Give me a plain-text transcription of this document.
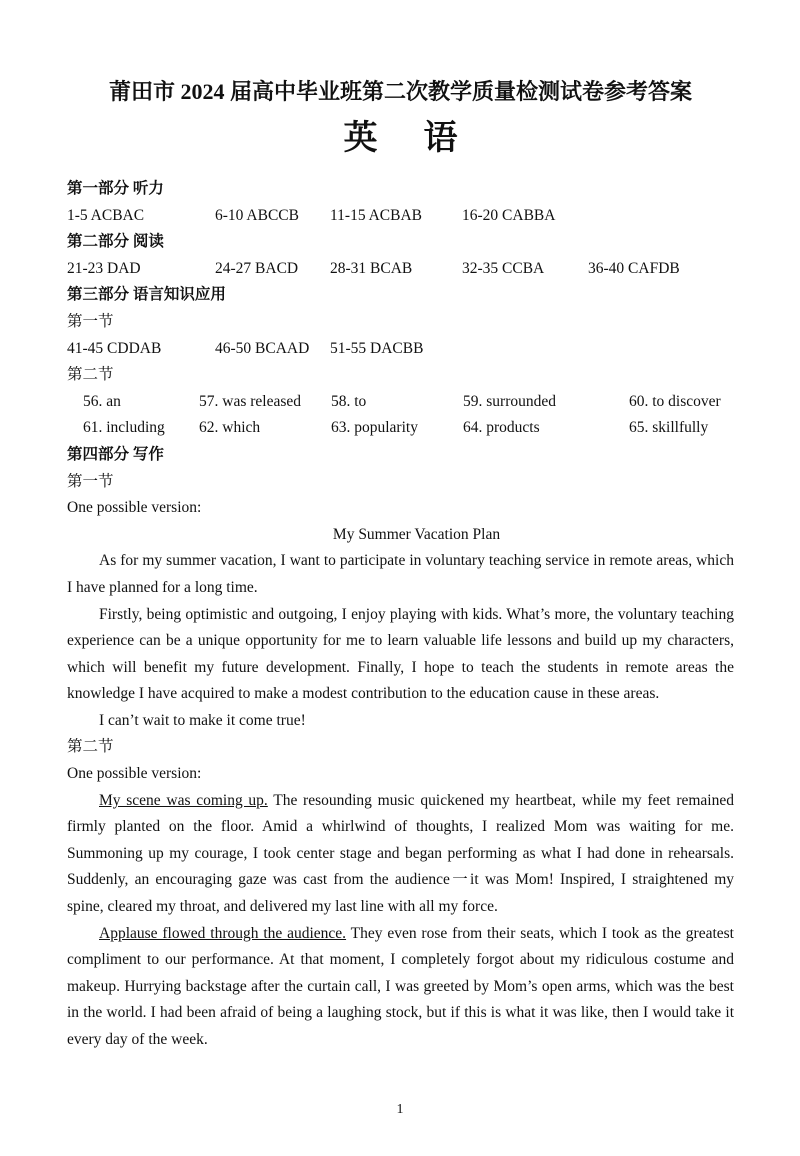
莆田市 2024 届高中毕业班第二次教学质量检测试卷参考答案
英语
第一部分 听力
1-5 ACBAC	6-10 ABCCB 11-15 ACBAB	16-20 CABBA
第二部分 阅读
21-23 DAD	24-27 BACD 28-31 BCAB	32-35 CCBA	36-40 CAFDB
第三部分 语言知识应用
第一节
41-45 CDDAB	46-50 BCAAD 51-55 DACBB
第二节
56. an	57. was released 58. to	59. surrounded	60. to discover
61. including 62. which	63. popularity	64. products	65. skillfully
第四部分 写作
第一节
One possible version:
My Summer Vacation Plan

As for my summer vacation, I want to participate in voluntary teaching service in remote areas, which I have planned for a long time.

Firstly, being optimistic and outgoing, I enjoy playing with kids. What’s more, the voluntary teaching experience can be a unique opportunity for me to learn valuable life lessons and build up my characters, which will benefit my future development. Finally, I hope to teach the students in remote areas the knowledge I have acquired to make a modest contribution to the education cause in these areas.

I can’t wait to make it come true!

第二节
One possible version:

My scene was coming up. The resounding music quickened my heartbeat, while my feet remained firmly planted on the floor. Amid a whirlwind of thoughts, I realized Mom was waiting for me. Summoning up my courage, I took center stage and began performing as what I had done in rehearsals. Suddenly, an encouraging gaze was cast from the audience一it was Mom! Inspired, I straightened my spine, cleared my throat, and delivered my last line with all my force.

Applause flowed through the audience. They even rose from their seats, which I took as the greatest compliment to our performance. At that moment, I completely forgot about my ridiculous costume and makeup. Hurrying backstage after the curtain call, I was greeted by Mom’s open arms, which was the best in the world. I had been afraid of being a laughing stock, but if this is what it was like, then I would take it every day of the week.

1
